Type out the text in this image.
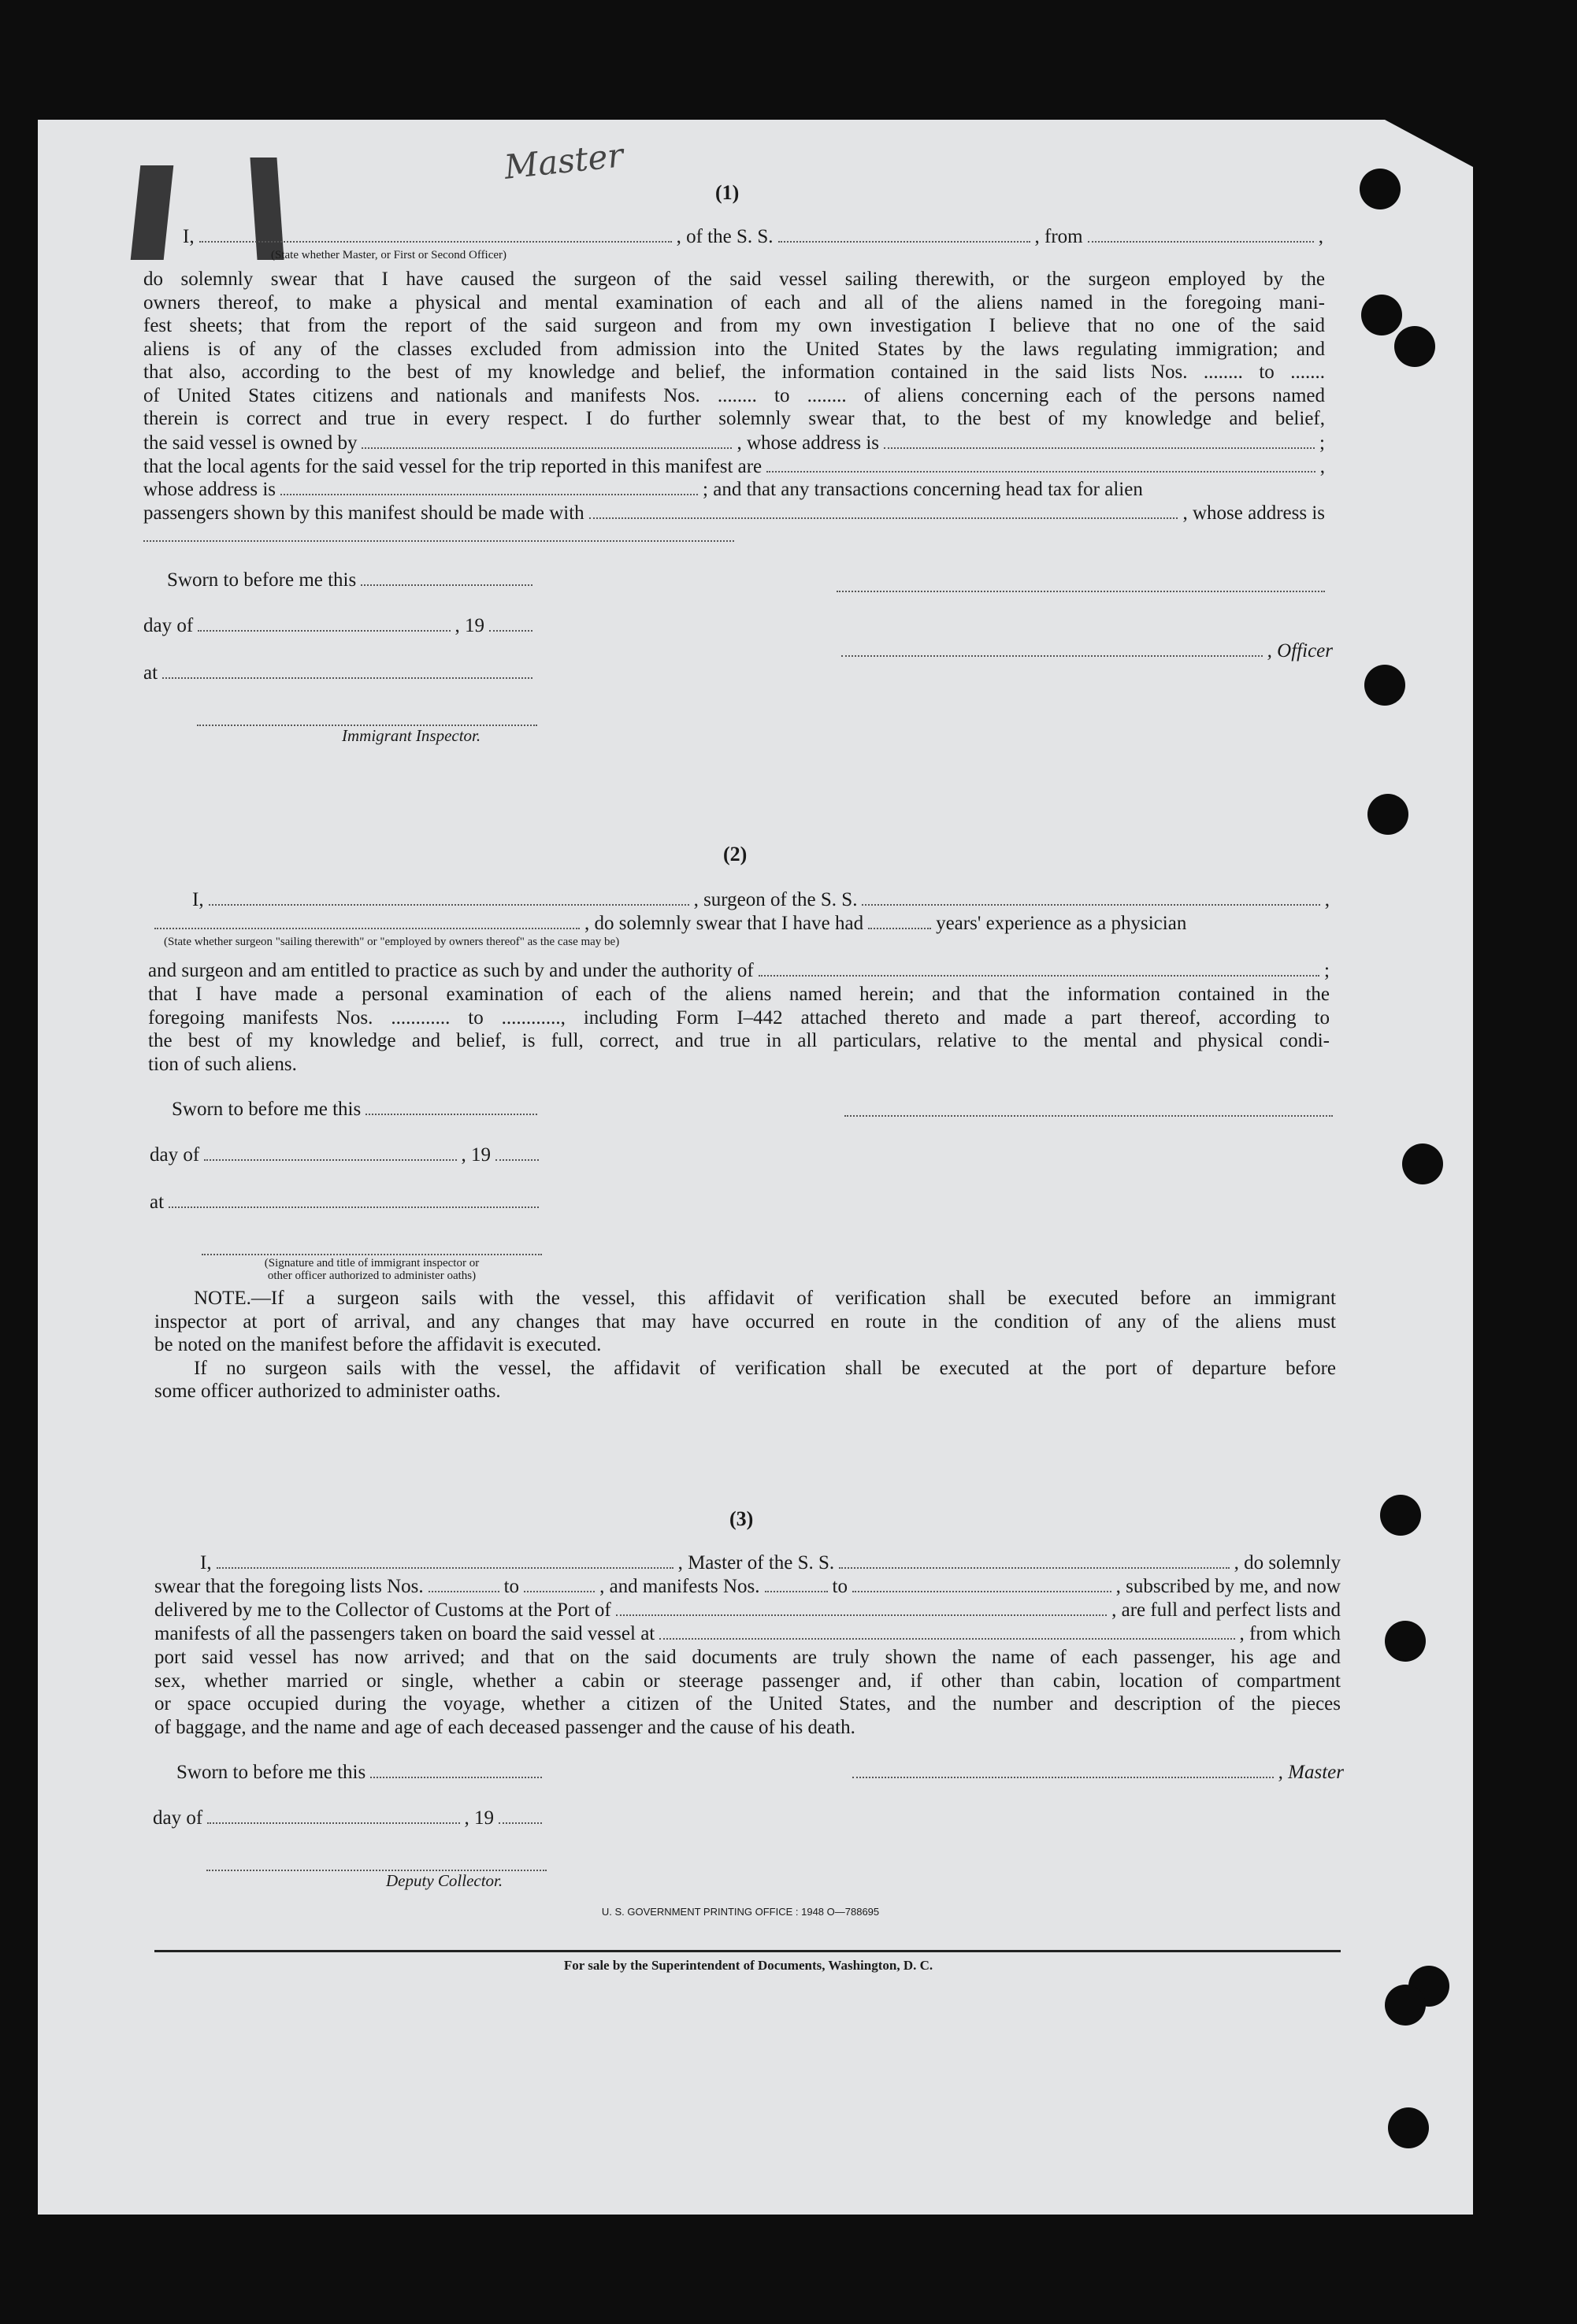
Master
(1)
I,	, of the S. S.	, from	,
(State whether Master, or First or Second Officer)
do solemnly swear that I have caused the surgeon of the said vessel sailing therewith, or the surgeon employed by the
owners thereof, to make a physical and mental examination of each and all of the aliens named in the foregoing mani-
fest sheets; that from the report of the said surgeon and from my own investigation I believe that no one of the said
aliens is of any of the classes excluded from admission into the United States by the laws regulating immigration; and
that also, according to the best of my knowledge and belief, the information contained in the said lists Nos. ........ to .......
of United States citizens and nationals and manifests Nos. ........ to ........ of aliens concerning each of the persons named
therein is correct and true in every respect. I do further solemnly swear that, to the best of my knowledge and belief,
the said vessel is owned by	, whose address is	;
that the local agents for the said vessel for the trip reported in this manifest are	,
whose address is	; and that any transactions concerning head tax for alien
passengers shown by this manifest should be made with	, whose address is
Sworn to before me this
day of	, 19
, Officer
at
Immigrant Inspector.
(2)
I,	, surgeon of the S. S.	,
, do solemnly swear that I have had	years' experience as a physician
(State whether surgeon "sailing therewith" or "employed by owners thereof" as the case may be)
and surgeon and am entitled to practice as such by and under the authority of	;
that I have made a personal examination of each of the aliens named herein; and that the information contained in the
foregoing manifests Nos. ............ to ............, including Form I–442 attached thereto and made a part thereof, according to
the best of my knowledge and belief, is full, correct, and true in all particulars, relative to the mental and physical condi-
tion of such aliens.
Sworn to before me this
day of	, 19
at
(Signature and title of immigrant inspector or
other officer authorized to administer oaths)
NOTE.—If a surgeon sails with the vessel, this affidavit of verification shall be executed before an immigrant
inspector at port of arrival, and any changes that may have occurred en route in the condition of any of the aliens must
be noted on the manifest before the affidavit is executed.
If no surgeon sails with the vessel, the affidavit of verification shall be executed at the port of departure before
some officer authorized to administer oaths.
(3)
I,	, Master of the S. S.	, do solemnly
swear that the foregoing lists Nos.	to	, and manifests Nos.	to	, subscribed by me, and now
delivered by me to the Collector of Customs at the Port of	, are full and perfect lists and
manifests of all the passengers taken on board the said vessel at	, from which
port said vessel has now arrived; and that on the said documents are truly shown the name of each passenger, his age and
sex, whether married or single, whether a cabin or steerage passenger and, if other than cabin, location of compartment
or space occupied during the voyage, whether a citizen of the United States, and the number and description of the pieces
of baggage, and the name and age of each deceased passenger and the cause of his death.
Sworn to before me this	, Master
day of	, 19
Deputy Collector.
U. S. GOVERNMENT PRINTING OFFICE : 1948 O—788695
For sale by the Superintendent of Documents, Washington, D. C.
